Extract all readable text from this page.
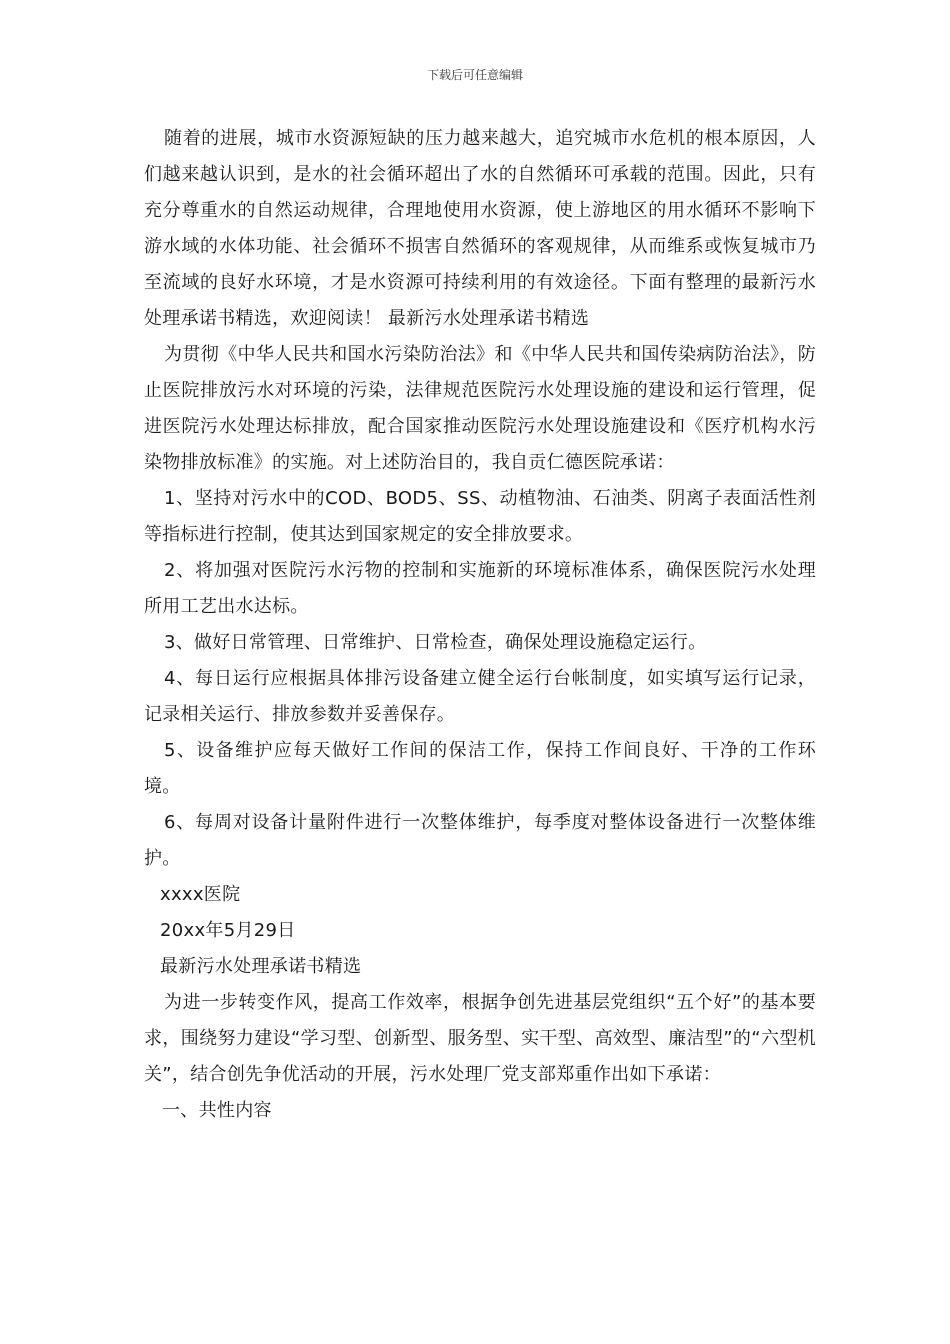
下载后可任意编辑

随着的进展，城市水资源短缺的压力越来越大，追究城市水危机的根本原因，人们越来越认识到，是水的社会循环超出了水的自然循环可承载的范围。因此，只有充分尊重水的自然运动规律，合理地使用水资源，使上游地区的用水循环不影响下游水域的水体功能、社会循环不损害自然循环的客观规律，从而维系或恢复城市乃至流域的良好水环境，才是水资源可持续利用的有效途径。下面有整理的最新污水处理承诺书精选，欢迎阅读！ 最新污水处理承诺书精选

为贯彻《中华人民共和国水污染防治法》和《中华人民共和国传染病防治法》，防止医院排放污水对环境的污染，法律规范医院污水处理设施的建设和运行管理，促进医院污水处理达标排放，配合国家推动医院污水处理设施建设和《医疗机构水污染物排放标准》的实施。对上述防治目的，我自贡仁德医院承诺：

1、坚持对污水中的COD、BOD5、SS、动植物油、石油类、阴离子表面活性剂等指标进行控制，使其达到国家规定的安全排放要求。

2、将加强对医院污水污物的控制和实施新的环境标准体系，确保医院污水处理所用工艺出水达标。

3、做好日常管理、日常维护、日常检查，确保处理设施稳定运行。

4、每日运行应根据具体排污设备建立健全运行台帐制度，如实填写运行记录，记录相关运行、排放参数并妥善保存。

5、设备维护应每天做好工作间的保洁工作，保持工作间良好、干净的工作环境。

6、每周对设备计量附件进行一次整体维护，每季度对整体设备进行一次整体维护。

xxxx医院

20xx年5月29日

最新污水处理承诺书精选

为进一步转变作风，提高工作效率，根据争创先进基层党组织“五个好”的基本要求，围绕努力建设“学习型、创新型、服务型、实干型、高效型、廉洁型”的“六型机关”，结合创先争优活动的开展，污水处理厂党支部郑重作出如下承诺：

一、共性内容
